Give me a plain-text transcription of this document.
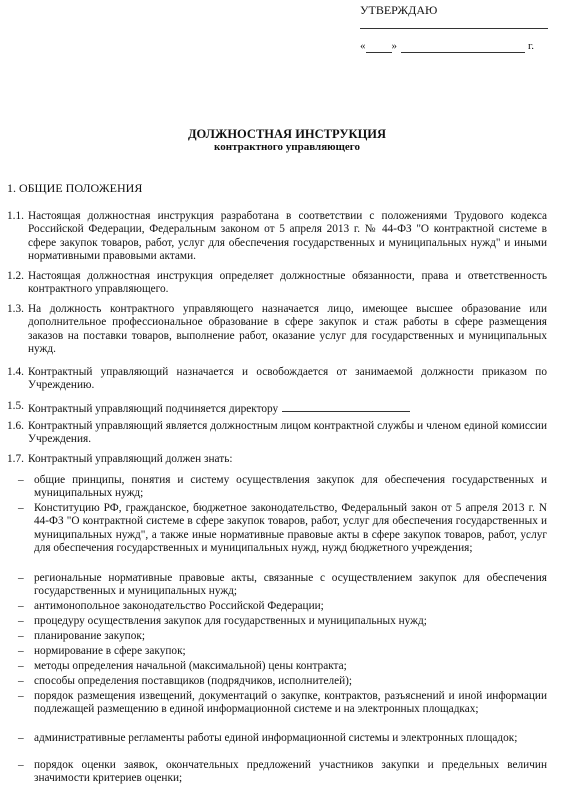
УТВЕРЖДАЮ
« »	г.
ДОЛЖНОСТНАЯ ИНСТРУКЦИЯ
контрактного управляющего
1. ОБЩИЕ ПОЛОЖЕНИЯ
1.1. Настоящая должностная инструкция разработана в соответствии с положениями Трудового кодекса Российской Федерации, Федеральным законом от 5 апреля 2013 г. № 44-ФЗ "О контрактной системе в сфере закупок товаров, работ, услуг для обеспечения государственных и муниципальных нужд" и иными нормативными правовыми актами.
1.2. Настоящая должностная инструкция определяет должностные обязанности, права и ответственность контрактного управляющего.
1.3. На должность контрактного управляющего назначается лицо, имеющее высшее образование или дополнительное профессиональное образование в сфере закупок и стаж работы в сфере размещения заказов на поставки товаров, выполнение работ, оказание услуг для государственных и муниципальных нужд.
1.4. Контрактный управляющий назначается и освобождается от занимаемой должности приказом по Учреждению.
1.5. Контрактный управляющий подчиняется директору
1.6. Контрактный управляющий является должностным лицом контрактной службы и членом единой комиссии Учреждения.
1.7. Контрактный управляющий должен знать:
– общие принципы, понятия и систему осуществления закупок для обеспечения государственных и муниципальных нужд;
– Конституцию РФ, гражданское, бюджетное законодательство, Федеральный закон от 5 апреля 2013 г. N 44-ФЗ "О контрактной системе в сфере закупок товаров, работ, услуг для обеспечения государственных и муниципальных нужд", а также иные нормативные правовые акты в сфере закупок товаров, работ, услуг для обеспечения государственных и муниципальных нужд, нужд бюджетного учреждения;
– региональные нормативные правовые акты, связанные с осуществлением закупок для обеспечения государственных и муниципальных нужд;
– антимонопольное законодательство Российской Федерации;
– процедуру осуществления закупок для государственных и муниципальных нужд;
– планирование закупок;
– нормирование в сфере закупок;
– методы определения начальной (максимальной) цены контракта;
– способы определения поставщиков (подрядчиков, исполнителей);
– порядок размещения извещений, документаций о закупке, контрактов, разъяснений и иной информации подлежащей размещению в единой информационной системе и на электронных площадках;
– административные регламенты работы единой информационной системы и электронных площадок;
– порядок оценки заявок, окончательных предложений участников закупки и предельных величин значимости критериев оценки;
